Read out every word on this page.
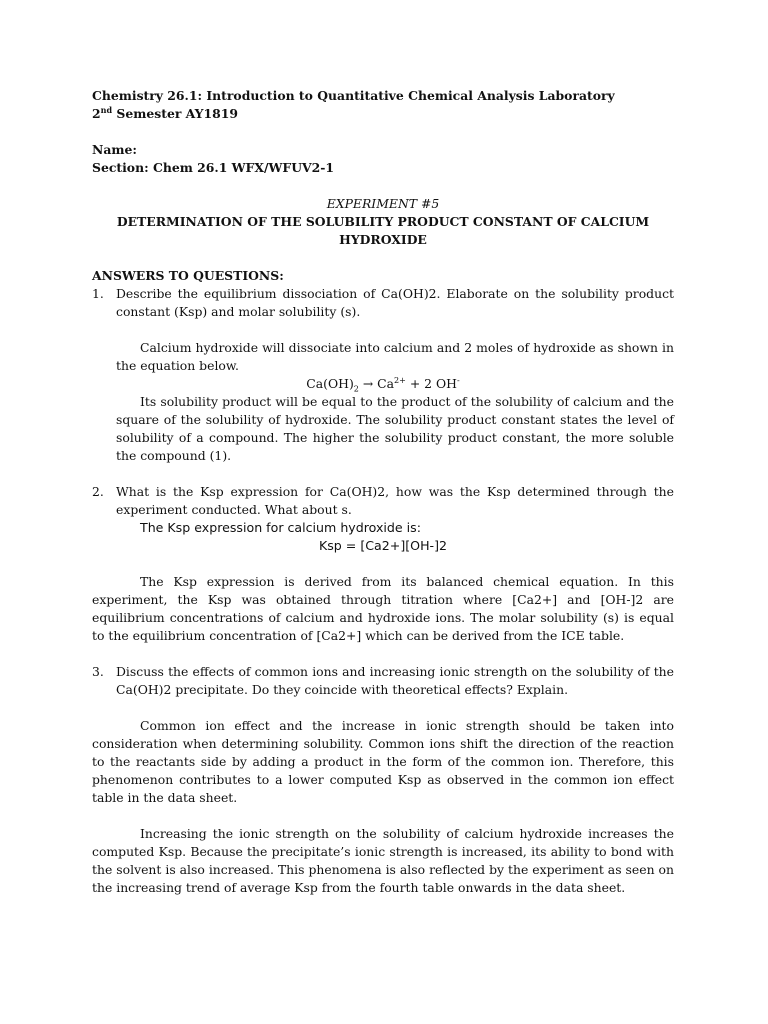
Chemistry 26.1: Introduction to Quantitative Chemical Analysis Laboratory

2nd Semester AY1819

Name:

Section: Chem 26.1 WFX/WFUV2-1

EXPERIMENT #5

DETERMINATION OF THE SOLUBILITY PRODUCT CONSTANT OF CALCIUM

HYDROXIDE

ANSWERS TO QUESTIONS:

1. Describe the equilibrium dissociation of Ca(OH)2. Elaborate on the solubility product constant (Ksp) and molar solubility (s).

Calcium hydroxide will dissociate into calcium and 2 moles of hydroxide as shown in the equation below.

$Ca(OH)_2 \to Ca^{2+} + 2$ OH-

Its solubility product will be equal to the product of the solubility of calcium and the square of the solubility of hydroxide. The solubility product constant states the level of solubility of a compound. The higher the solubility product constant, the more soluble the compound (1).

2. What is the Ksp expression for Ca(OH)2, how was the Ksp determined through the experiment conducted. What about s.

The Ksp expression for calcium hydroxide is:

Ksp = [Ca2+][OH-]2

The Ksp expression is derived from its balanced chemical equation. In this experiment, the Ksp was obtained through titration where [Ca2+] and [OH-]2 are equilibrium concentrations of calcium and hydroxide ions. The molar solubility (s) is equal to the equilibrium concentration of [Ca2+] which can be derived from the ICE table.

3. Discuss the effects of common ions and increasing ionic strength on the solubility of the Ca(OH)2 precipitate. Do they coincide with theoretical effects? Explain.

Common ion effect and the increase in ionic strength should be taken into consideration when determining solubility. Common ions shift the direction of the reaction to the reactants side by adding a product in the form of the common ion. Therefore, this phenomenon contributes to a lower computed Ksp as observed in the common ion effect table in the data sheet.

Increasing the ionic strength on the solubility of calcium hydroxide increases the computed Ksp. Because the precipitate’s ionic strength is increased, its ability to bond with the solvent is also increased. This phenomena is also reflected by the experiment as seen on the increasing trend of average Ksp from the fourth table onwards in the data sheet.
